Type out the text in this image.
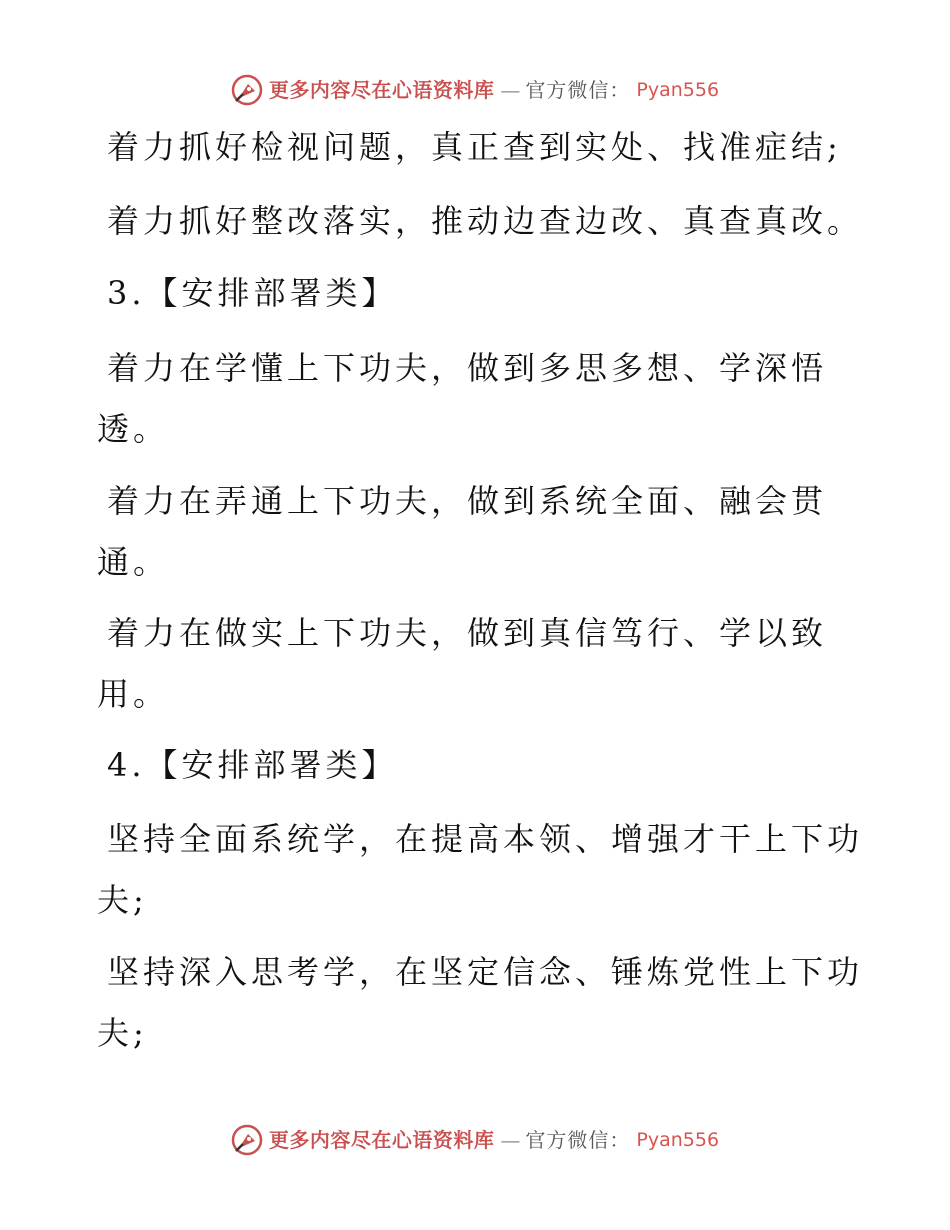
更多内容尽在心语资料库 — 官方微信： Pyan556
着力抓好检视问题，真正查到实处、找准症结;
着力抓好整改落实，推动边查边改、真查真改。
3.【安排部署类】
着力在学懂上下功夫，做到多思多想、学深悟
透。
着力在弄通上下功夫，做到系统全面、融会贯
通。
着力在做实上下功夫，做到真信笃行、学以致
用。
4.【安排部署类】
坚持全面系统学，在提高本领、增强才干上下功
夫;
坚持深入思考学，在坚定信念、锤炼党性上下功
夫;
更多内容尽在心语资料库 — 官方微信： Pyan556
